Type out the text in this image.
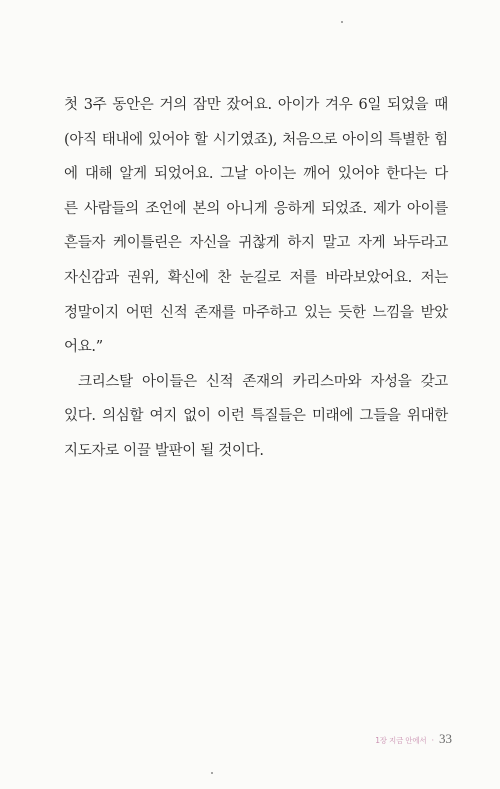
첫 3주 동안은 거의 잠만 잤어요. 아이가 겨우 6일 되었을 때
(아직 태내에 있어야 할 시기였죠), 처음으로 아이의 특별한 힘
에 대해 알게 되었어요. 그날 아이는 깨어 있어야 한다는 다
른 사람들의 조언에 본의 아니게 응하게 되었죠. 제가 아이를
흔들자 케이틀린은 자신을 귀찮게 하지 말고 자게 놔두라고
자신감과 권위, 확신에 찬 눈길로 저를 바라보았어요. 저는
정말이지 어떤 신적 존재를 마주하고 있는 듯한 느낌을 받았
어요.”
크리스탈 아이들은 신적 존재의 카리스마와 자성을 갖고
있다. 의심할 여지 없이 이런 특질들은 미래에 그들을 위대한
지도자로 이끌 발판이 될 것이다.
1장 지금 안에서 · 33
